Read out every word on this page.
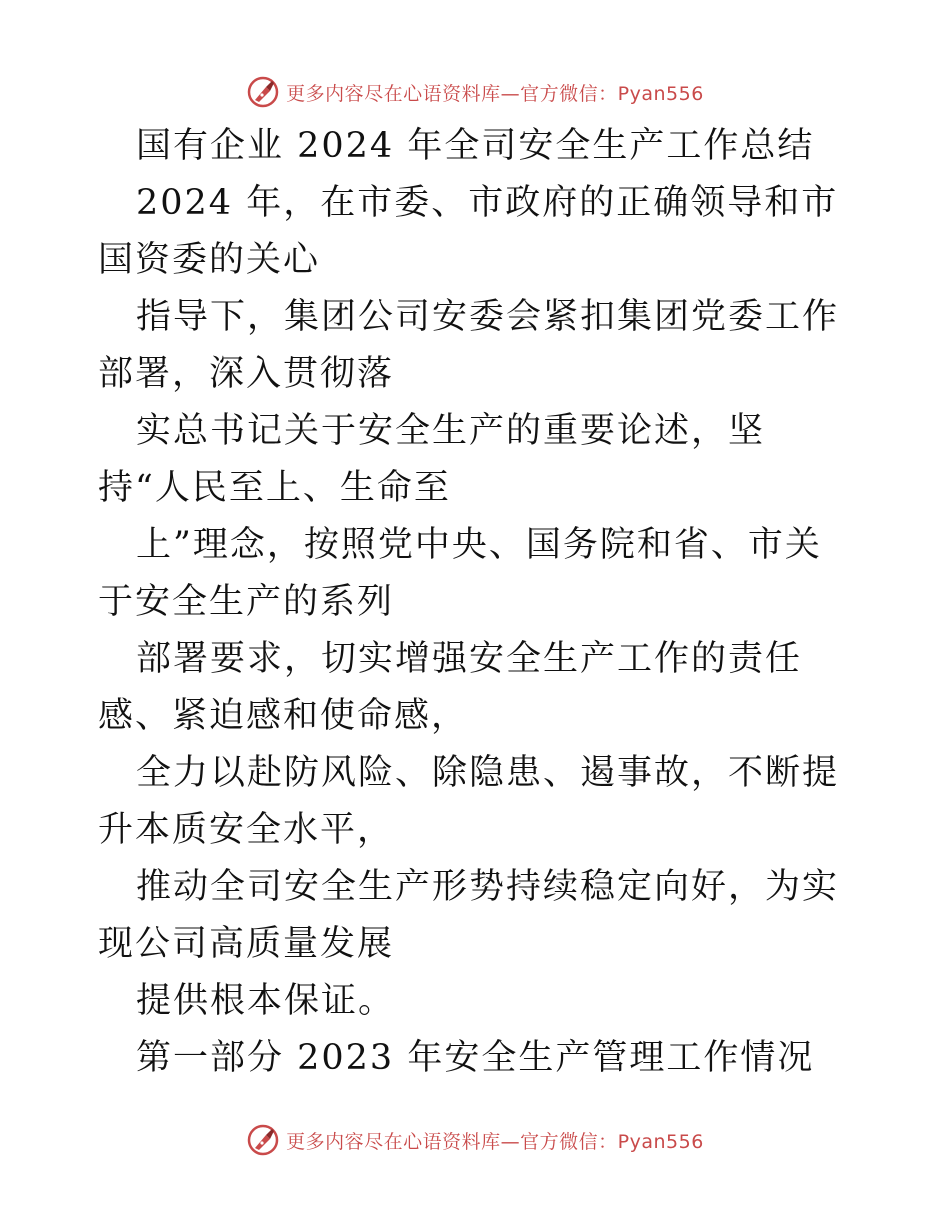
更多内容尽在心语资料库—官方微信：Pyan556

国有企业 2024 年全司安全生产工作总结

2024 年，在市委、市政府的正确领导和市国资委的关心

指导下，集团公司安委会紧扣集团党委工作部署，深入贯彻落

实总书记关于安全生产的重要论述，坚持“人民至上、生命至

上”理念，按照党中央、国务院和省、市关于安全生产的系列

部署要求，切实增强安全生产工作的责任感、紧迫感和使命感，

全力以赴防风险、除隐患、遏事故，不断提升本质安全水平，

推动全司安全生产形势持续稳定向好，为实现公司高质量发展

提供根本保证。

第一部分 2023 年安全生产管理工作情况

更多内容尽在心语资料库—官方微信：Pyan556
